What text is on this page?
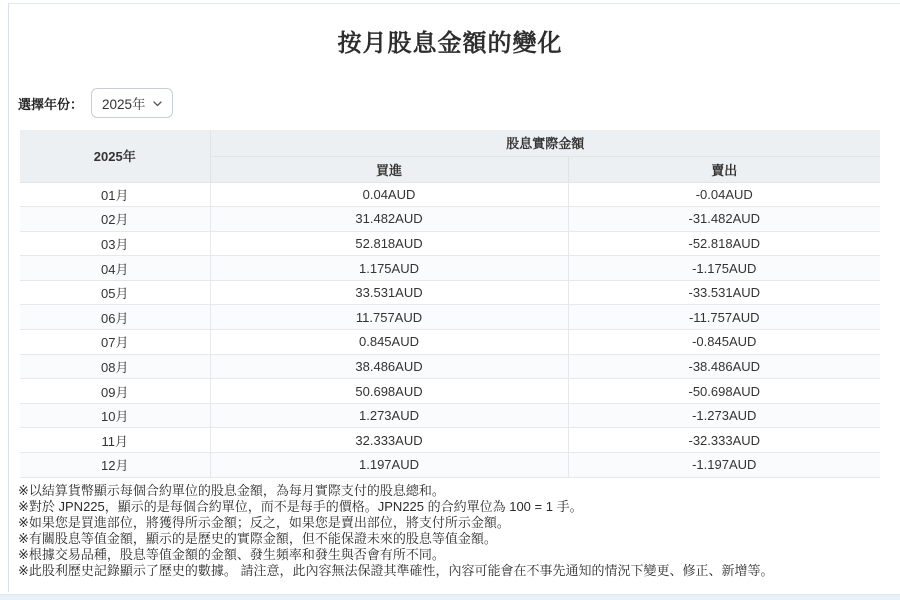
按月股息金額的變化
選擇年份： 2025年
2025年	股息實際金額	
	買進	賣出
01月	0.04AUD	-0.04AUD
02月	31.482AUD	-31.482AUD
03月	52.818AUD	-52.818AUD
04月	1.175AUD	-1.175AUD
05月	33.531AUD	-33.531AUD
06月	11.757AUD	-11.757AUD
07月	0.845AUD	-0.845AUD
08月	38.486AUD	-38.486AUD
09月	50.698AUD	-50.698AUD
10月	1.273AUD	-1.273AUD
11月	32.333AUD	-32.333AUD
12月	1.197AUD	-1.197AUD
※以結算貨幣顯示每個合約單位的股息金額，為每月實際支付的股息總和。
※對於 JPN225，顯示的是每個合約單位，而不是每手的價格。JPN225 的合約單位為 100 = 1 手。
※如果您是買進部位，將獲得所示金額；反之，如果您是賣出部位，將支付所示金額。
※有關股息等值金額，顯示的是歷史的實際金額，但不能保證未來的股息等值金額。
※根據交易品種，股息等值金額的金額、發生頻率和發生與否會有所不同。
※此股利歷史記錄顯示了歷史的數據。 請注意，此內容無法保證其準確性，內容可能會在不事先通知的情況下變更、修正、新增等。
